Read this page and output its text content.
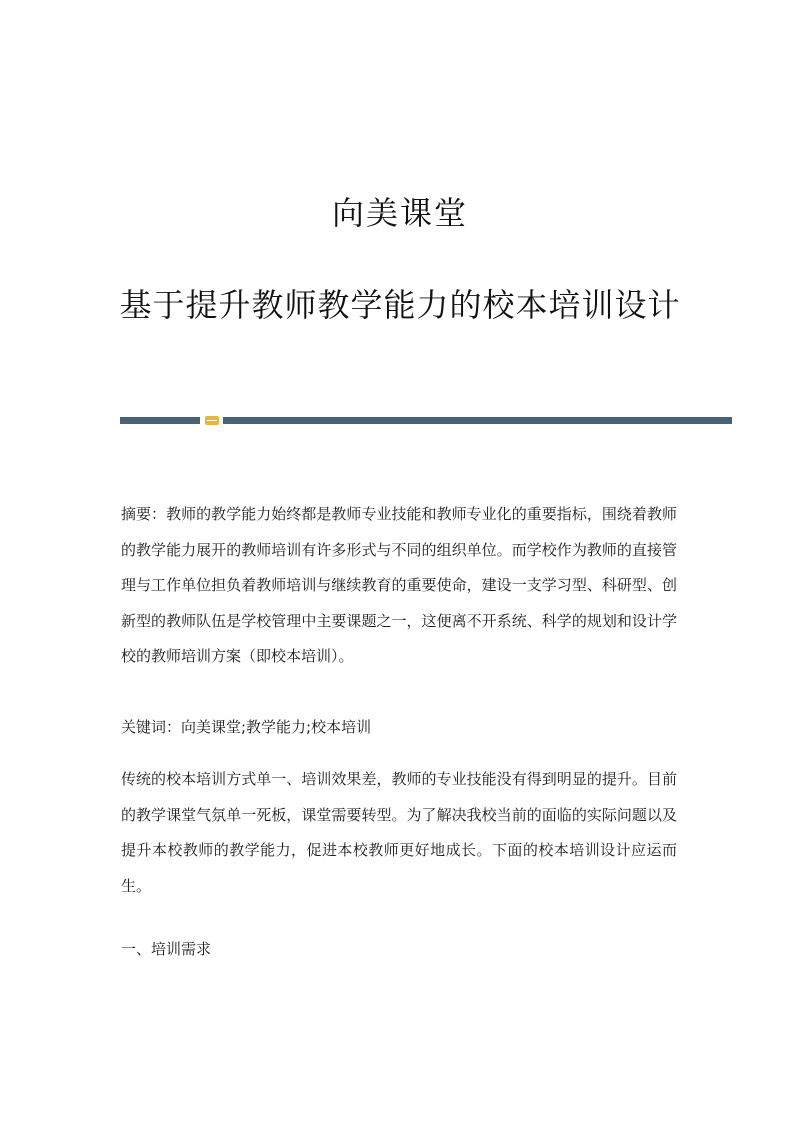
向美课堂
基于提升教师教学能力的校本培训设计

摘要：教师的教学能力始终都是教师专业技能和教师专业化的重要指标，围绕着教师的教学能力展开的教师培训有许多形式与不同的组织单位。而学校作为教师的直接管理与工作单位担负着教师培训与继续教育的重要使命，建设一支学习型、科研型、创新型的教师队伍是学校管理中主要课题之一，这便离不开系统、科学的规划和设计学校的教师培训方案（即校本培训）。

关键词：向美课堂;教学能力;校本培训

传统的校本培训方式单一、培训效果差，教师的专业技能没有得到明显的提升。目前的教学课堂气氛单一死板，课堂需要转型。为了解决我校当前的面临的实际问题以及提升本校教师的教学能力，促进本校教师更好地成长。下面的校本培训设计应运而生。

一、培训需求
